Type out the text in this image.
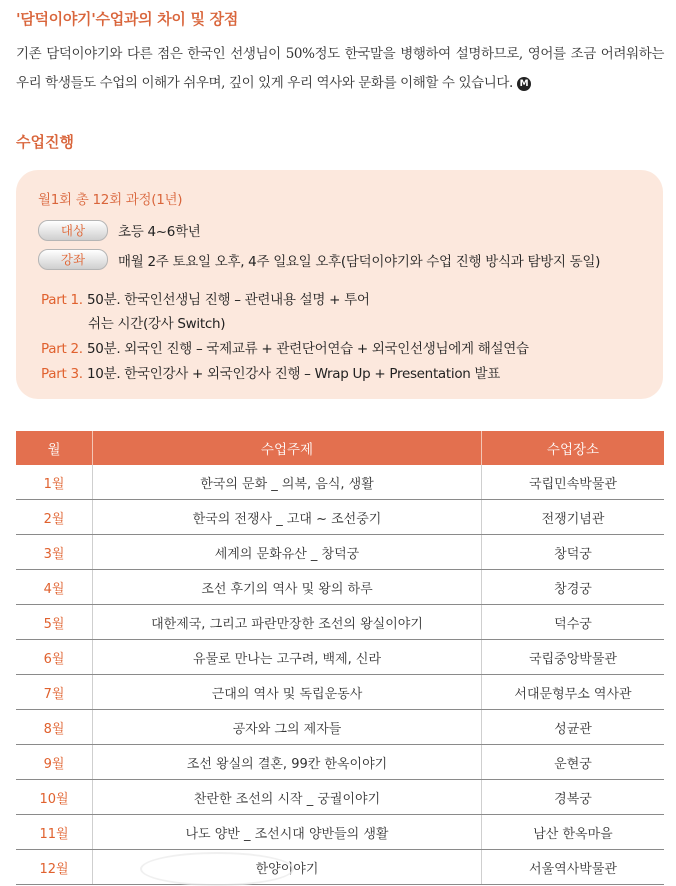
'담덕이야기'수업과의 차이 및 장점
기존 담덕이야기와 다른 점은 한국인 선생님이 50%정도 한국말을 병행하여 설명하므로, 영어를 조금 어려워하는 우리 학생들도 수업의 이해가 쉬우며, 깊이 있게 우리 역사와 문화를 이해할 수 있습니다. M
수업진행
월1회 총 12회 과정(1년)
대상	초등 4~6학년
강좌	매월 2주 토요일 오후, 4주 일요일 오후(담덕이야기와 수업 진행 방식과 탐방지 동일)
Part 1. 50분. 한국인선생님 진행 – 관련내용 설명 + 투어
쉬는 시간(강사 Switch)
Part 2. 50분. 외국인 진행 – 국제교류 + 관련단어연습 + 외국인선생님에게 해설연습
Part 3. 10분. 한국인강사 + 외국인강사 진행 – Wrap Up + Presentation 발표
월	수업주제	수업장소
1월	한국의 문화 _ 의복, 음식, 생활	국립민속박물관
2월	한국의 전쟁사 _ 고대 ~ 조선중기	전쟁기념관
3월	세계의 문화유산 _ 창덕궁	창덕궁
4월	조선 후기의 역사 및 왕의 하루	창경궁
5월	대한제국, 그리고 파란만장한 조선의 왕실이야기	덕수궁
6월	유물로 만나는 고구려, 백제, 신라	국립중앙박물관
7월	근대의 역사 및 독립운동사	서대문형무소 역사관
8월	공자와 그의 제자들	성균관
9월	조선 왕실의 결혼, 99칸 한옥이야기	운현궁
10월	찬란한 조선의 시작 _ 궁궐이야기	경복궁
11월	나도 양반 _ 조선시대 양반들의 생활	남산 한옥마을
12월	한양이야기	서울역사박물관
